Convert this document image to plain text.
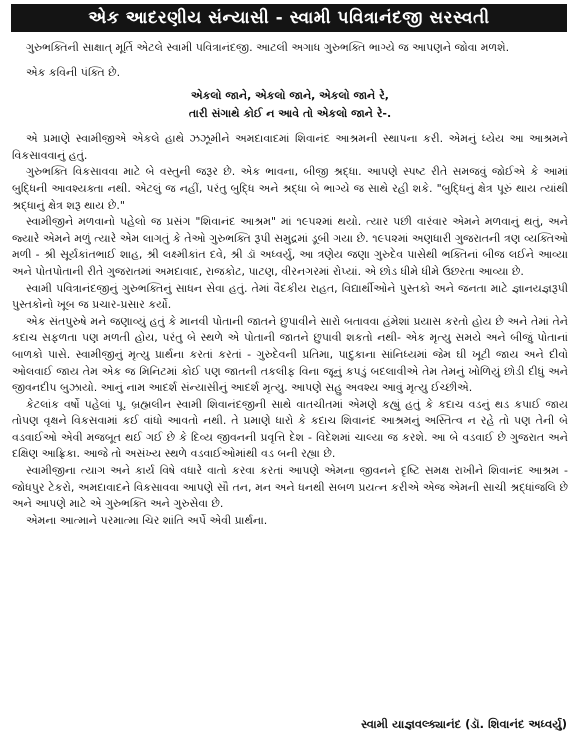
એક આદરણીય સંન્યાસી - સ્વામી પવિત્રાનંદજી સરસ્વતી

ગુરુભક્તિની સાક્ષાત્ મૂર્તિ એટલે સ્વામી પવિત્રાનંદજી. આટલી અગાધ ગુરુભક્તિ ભાગ્યે જ આપણને જોવા મળશે.

એક કવિની પંક્તિ છે.

એકલો જાને, એકલો જાને, એકલો જાને રે,
તારી સંગાથે કોઈ ન આવે તો એકલો જાને રે-.

એ પ્રમાણે સ્વામીજીએ એકલે હાથે ઝઝૂમીને અમદાવાદમાં શિવાનંદ આશ્રમની સ્થાપના કરી. એમનું ધ્યેય આ આશ્રમને વિકસાવવાનું હતું.

ગુરુભક્તિ વિકસાવવા માટે બે વસ્તુની જરૂર છે. એક ભાવના, બીજી શ્રદ્ધા. આપણે સ્પષ્ટ રીતે સમજવું જોઈએ કે આમાં બુદ્ધિની આવશ્યક્તા નથી. એટલું જ નહીં, પરંતુ બુદ્ધિ અને શ્રદ્ધા બે ભાગ્યે જ સાથે રહી શકે. "બુદ્ધિનું ક્ષેત્ર પૂરું થાય ત્યાંથી શ્રદ્ધાનું ક્ષેત્ર શરૂ થાય છે."

સ્વામીજીને મળવાનો પહેલો જ પ્રસંગ "શિવાનંદ આશ્રમ" માં ૧૯૫૨માં થયો. ત્યાર પછી વારંવાર એમને મળવાનું થતું, અને જ્યારે એમને મળું ત્યારે એમ લાગતું કે તેઓ ગુરુભક્તિ રૂપી સમુદ્રમાં ડૂબી ગયા છે. ૧૯૫૨માં અણધારી ગુજરાતની ત્રણ વ્યક્તિઓ મળી - શ્રી સૂર્યકાંતભાઈ શાહ, શ્રી લક્ષ્મીકાંત દવે, શ્રી ડૉ અધ્વર્યુ, આ ત્રણેય જણા ગુરુદેવ પાસેથી ભક્તિનાં બીજ લઈને આવ્યા અને પોતપોતાની રીતે ગુજરાતમાં અમદાવાદ, રાજકોટ, પાટણ, વીરનગરમાં રોપ્યાં. એ છોડ ધીમે ધીમે ઉછરતા આવ્યા છે.

સ્વામી પવિત્રાનંદજીનું ગુરુભક્તિનું સાધન સેવા હતું. તેમાં વૈદકીય રાહત, વિદ્યાર્થીઓને પુસ્તકો અને જનતા માટે જ્ઞાનયજ્ઞરૂપી પુસ્તકોનો ખૂબ જ પ્રચાર-પ્રસાર કર્યો.

એક સંતપુરુષે મને જણાવ્યું હતું કે માનવી પોતાની જાતને છુપાવીને સારો બતાવવા હંમેશાં પ્રયાસ કરતો હોય છે અને તેમાં તેને કદાચ સફળતા પણ મળતી હોય, પરંતુ બે સ્થળે એ પોતાની જાતને છુપાવી શકતો નથી- એક મૃત્યુ સમયે અને બીજું પોતાનાં બાળકો પાસે. સ્વામીજીનું મૃત્યુ પ્રાર્થના કરતાં કરતાં - ગુરુદેવની પ્રતિમા, પાદુકાના સાંનિધ્યમાં જેમ ઘી ખૂટી જાય અને દીવો ઓલવાઈ જાય તેમ એક જ મિનિટમાં કોઈ પણ જાતની તકલીફ વિના જૂનું કપડું બદલાવીએ તેમ તેમનું ખોળિયું છોડી દીધું અને જીવનદીપ બુઝાયો. આનું નામ આદર્શ સંન્યાસીનું આદર્શ મૃત્યુ. આપણે સહુ અવશ્ય આવું મૃત્યુ ઈચ્છીએ.

કેટલાંક વર્ષો પહેલાં પૂ. બ્રહ્મલીન સ્વામી શિવાનંદજીની સાથે વાતચીતમાં એમણે કહ્યું હતું કે કદાચ વડનું થડ કપાઈ જાય તોપણ વૃક્ષને વિકસવામાં કઈ વાંધો આવતો નથી. તે પ્રમાણે ધારો કે કદાચ શિવાનંદ આશ્રમનું અસ્તિત્વ ન રહે તો પણ તેની બે વડવાઈઓ એવી મજબૂત થઈ ગઈ છે કે દિવ્ય જીવનની પ્રવૃત્તિ દેશ - વિદેશમાં ચાલ્યા જ કરશે. આ બે વડવાઈ છે ગુજરાત અને દક્ષિણ આફ્રિકા. આજે તો અસંખ્ય સ્થળે વડવાઈઓમાંથી વડ બની રહ્યા છે.

સ્વામીજીના ત્યાગ અને કાર્ય વિષે વધારે વાતો કરવા કરતાં આપણે એમના જીવનને દૃષ્ટિ સમક્ષ રાખીને શિવાનંદ આશ્રમ - જોધપુર ટેકરો, અમદાવાદને વિકસાવવા આપણે સૌ તન, મન અને ધનથી સબળ પ્રયત્ન કરીએ એજ એમની સાચી શ્રદ્ધાંજલિ છે અને આપણે માટે એ ગુરુભક્તિ અને ગુરુસેવા છે.

એમના આત્માને પરમાત્મા ચિર શાંતિ અર્પે એવી પ્રાર્થના.

સ્વામી યાજ્ઞવલ્ક્યાનંદ (ડૉ. શિવાનંદ અધ્વર્યુ)
